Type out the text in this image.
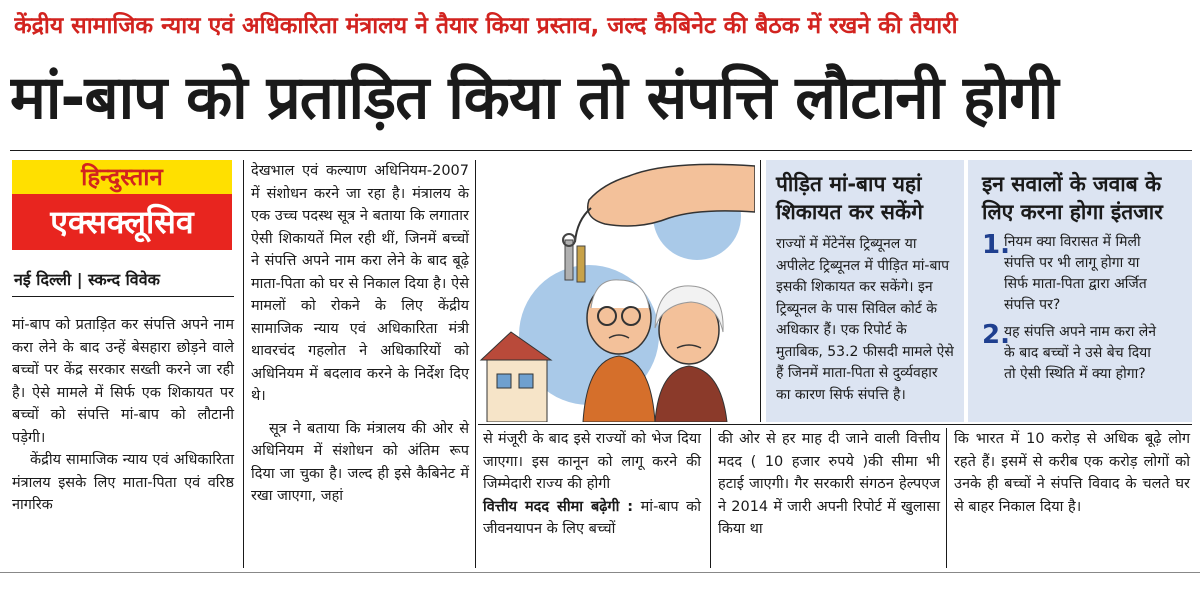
केंद्रीय सामाजिक न्याय एवं अधिकारिता मंत्रालय ने तैयार किया प्रस्ताव, जल्द कैबिनेट की बैठक में रखने की तैयारी
मां-बाप को प्रताड़ित किया तो संपत्ति लौटानी होगी
हिन्दुस्तान
एक्सक्लूसिव
नई दिल्ली | स्कन्द विवेक

मां-बाप को प्रताड़ित कर संपत्ति अपने नाम करा लेने के बाद उन्हें बेसहारा छोड़ने वाले बच्चों पर केंद्र सरकार सख्ती करने जा रही है। ऐसे मामले में सिर्फ एक शिकायत पर बच्चों को संपत्ति मां-बाप को लौटानी पड़ेगी।

केंद्रीय सामाजिक न्याय एवं अधिकारिता मंत्रालय इसके लिए माता-पिता एवं वरिष्ठ नागरिक

देखभाल एवं कल्याण अधिनियम-2007 में संशोधन करने जा रहा है। मंत्रालय के एक उच्च पदस्थ सूत्र ने बताया कि लगातार ऐसी शिकायतें मिल रही थीं, जिनमें बच्चों ने संपत्ति अपने नाम करा लेने के बाद बूढ़े माता-पिता को घर से निकाल दिया है। ऐसे मामलों को रोकने के लिए केंद्रीय सामाजिक न्याय एवं अधिकारिता मंत्री थावरचंद गहलोत ने अधिकारियों को अधिनियम में बदलाव करने के निर्देश दिए थे।

सूत्र ने बताया कि मंत्रालय की ओर से अधिनियम में संशोधन को अंतिम रूप दिया जा चुका है। जल्द ही इसे कैबिनेट में रखा जाएगा, जहां

पीड़ित मां-बाप यहां शिकायत कर सकेंगे
राज्यों में मेंटेनेंस ट्रिब्यूनल या अपीलेट ट्रिब्यूनल में पीड़ित मां-बाप इसकी शिकायत कर सकेंगे। इन ट्रिब्यूनल के पास सिविल कोर्ट के अधिकार हैं। एक रिपोर्ट के मुताबिक, 53.2 फीसदी मामले ऐसे हैं जिनमें माता-पिता से दुर्व्यवहार का कारण सिर्फ संपत्ति है।
इन सवालों के जवाब के लिए करना होगा इंतजार
1.नियम क्या विरासत में मिली संपत्ति पर भी लागू होगा या सिर्फ माता-पिता द्वारा अर्जित संपत्ति पर?
2.यह संपत्ति अपने नाम करा लेने के बाद बच्चों ने उसे बेच दिया तो ऐसी स्थिति में क्या होगा?
से मंजूरी के बाद इसे राज्यों को भेज दिया जाएगा। इस कानून को लागू करने की जिम्मेदारी राज्य की होगी
वित्तीय मदद सीमा बढ़ेगी : मां-बाप को जीवनयापन के लिए बच्चों

की ओर से हर माह दी जाने वाली वित्तीय मदद ( 10 हजार रुपये )की सीमा भी हटाई जाएगी। गैर सरकारी संगठन हेल्पएज ने 2014 में जारी अपनी रिपोर्ट में खुलासा किया था

कि भारत में 10 करोड़ से अधिक बूढ़े लोग रहते हैं। इसमें से करीब एक करोड़ लोगों को उनके ही बच्चों ने संपत्ति विवाद के चलते घर से बाहर निकाल दिया है।
